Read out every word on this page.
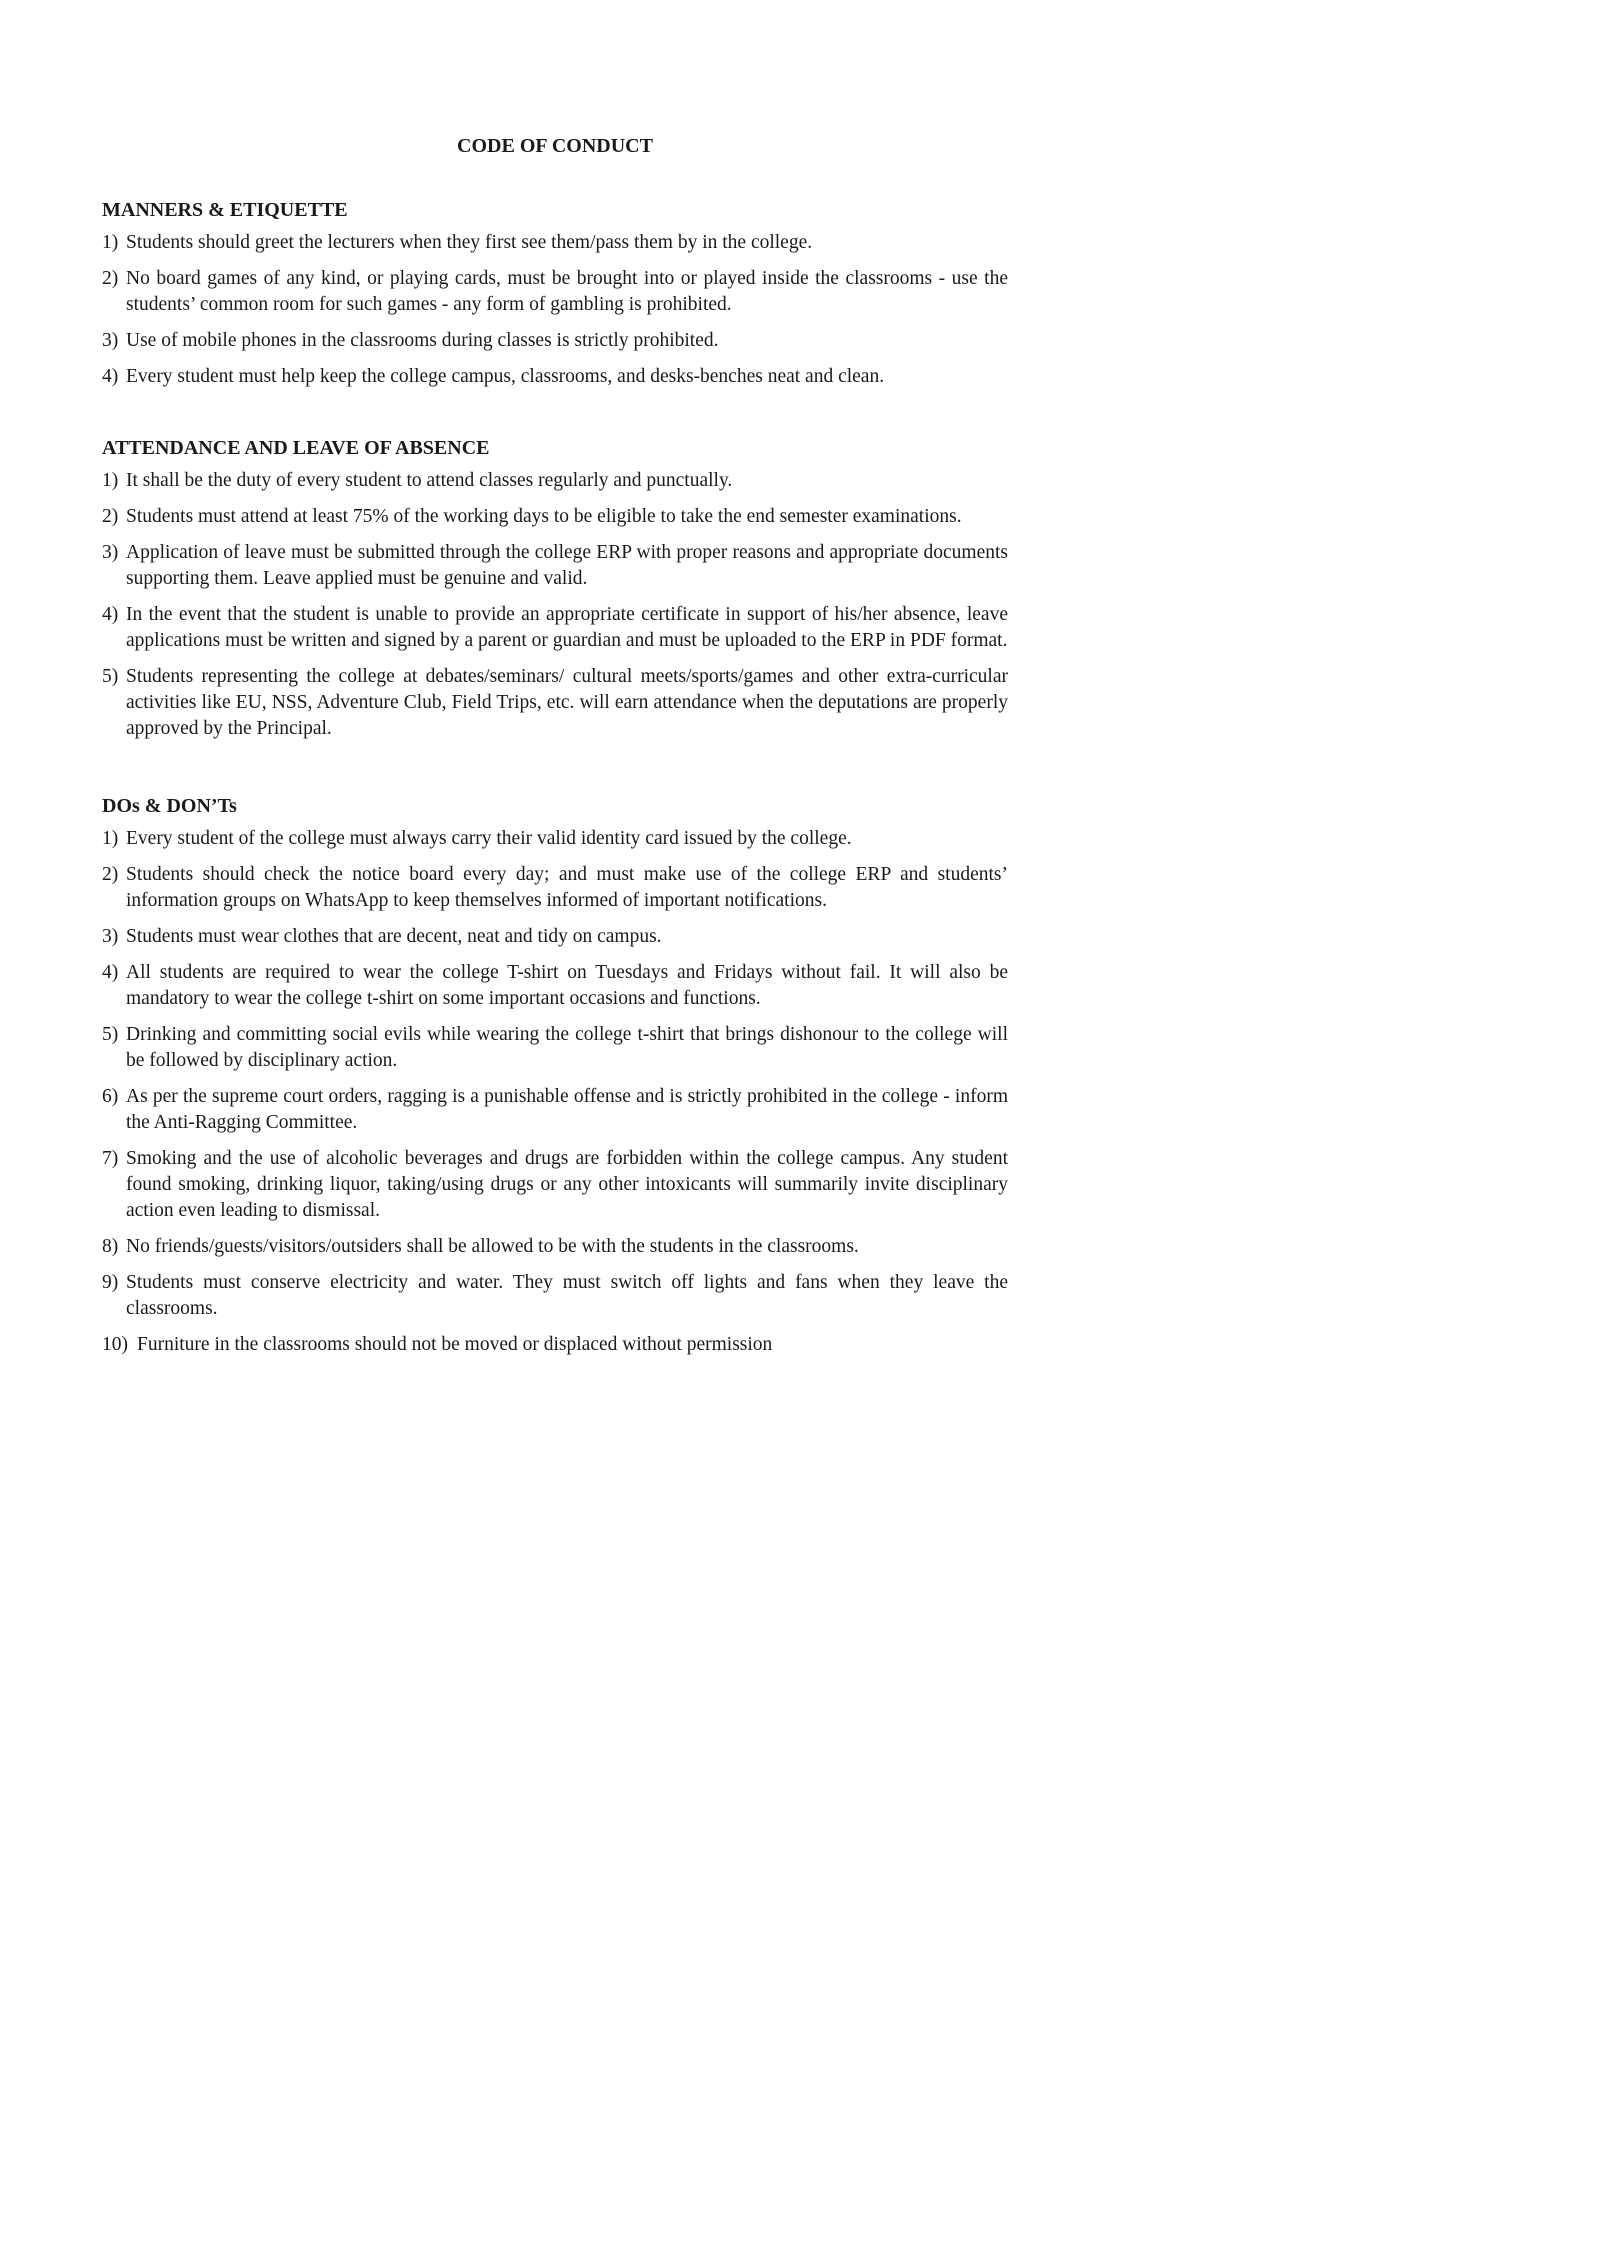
CODE OF CONDUCT
MANNERS & ETIQUETTE
1) Students should greet the lecturers when they first see them/pass them by in the college.
2) No board games of any kind, or playing cards, must be brought into or played inside the classrooms - use the students’ common room for such games - any form of gambling is prohibited.
3) Use of mobile phones in the classrooms during classes is strictly prohibited.
4) Every student must help keep the college campus, classrooms, and desks-benches neat and clean.
ATTENDANCE AND LEAVE OF ABSENCE
1) It shall be the duty of every student to attend classes regularly and punctually.
2) Students must attend at least 75% of the working days to be eligible to take the end semester examinations.
3) Application of leave must be submitted through the college ERP with proper reasons and appropriate documents supporting them. Leave applied must be genuine and valid.
4) In the event that the student is unable to provide an appropriate certificate in support of his/her absence, leave applications must be written and signed by a parent or guardian and must be uploaded to the ERP in PDF format.
5) Students representing the college at debates/seminars/ cultural meets/sports/games and other extra-curricular activities like EU, NSS, Adventure Club, Field Trips, etc. will earn attendance when the deputations are properly approved by the Principal.
DOs & DON’Ts
1) Every student of the college must always carry their valid identity card issued by the college.
2) Students should check the notice board every day; and must make use of the college ERP and students’ information groups on WhatsApp to keep themselves informed of important notifications.
3) Students must wear clothes that are decent, neat and tidy on campus.
4) All students are required to wear the college T-shirt on Tuesdays and Fridays without fail. It will also be mandatory to wear the college t-shirt on some important occasions and functions.
5) Drinking and committing social evils while wearing the college t-shirt that brings dishonour to the college will be followed by disciplinary action.
6) As per the supreme court orders, ragging is a punishable offense and is strictly prohibited in the college - inform the Anti-Ragging Committee.
7) Smoking and the use of alcoholic beverages and drugs are forbidden within the college campus. Any student found smoking, drinking liquor, taking/using drugs or any other intoxicants will summarily invite disciplinary action even leading to dismissal.
8) No friends/guests/visitors/outsiders shall be allowed to be with the students in the classrooms.
9) Students must conserve electricity and water. They must switch off lights and fans when they leave the classrooms.
10) Furniture in the classrooms should not be moved or displaced without permission
